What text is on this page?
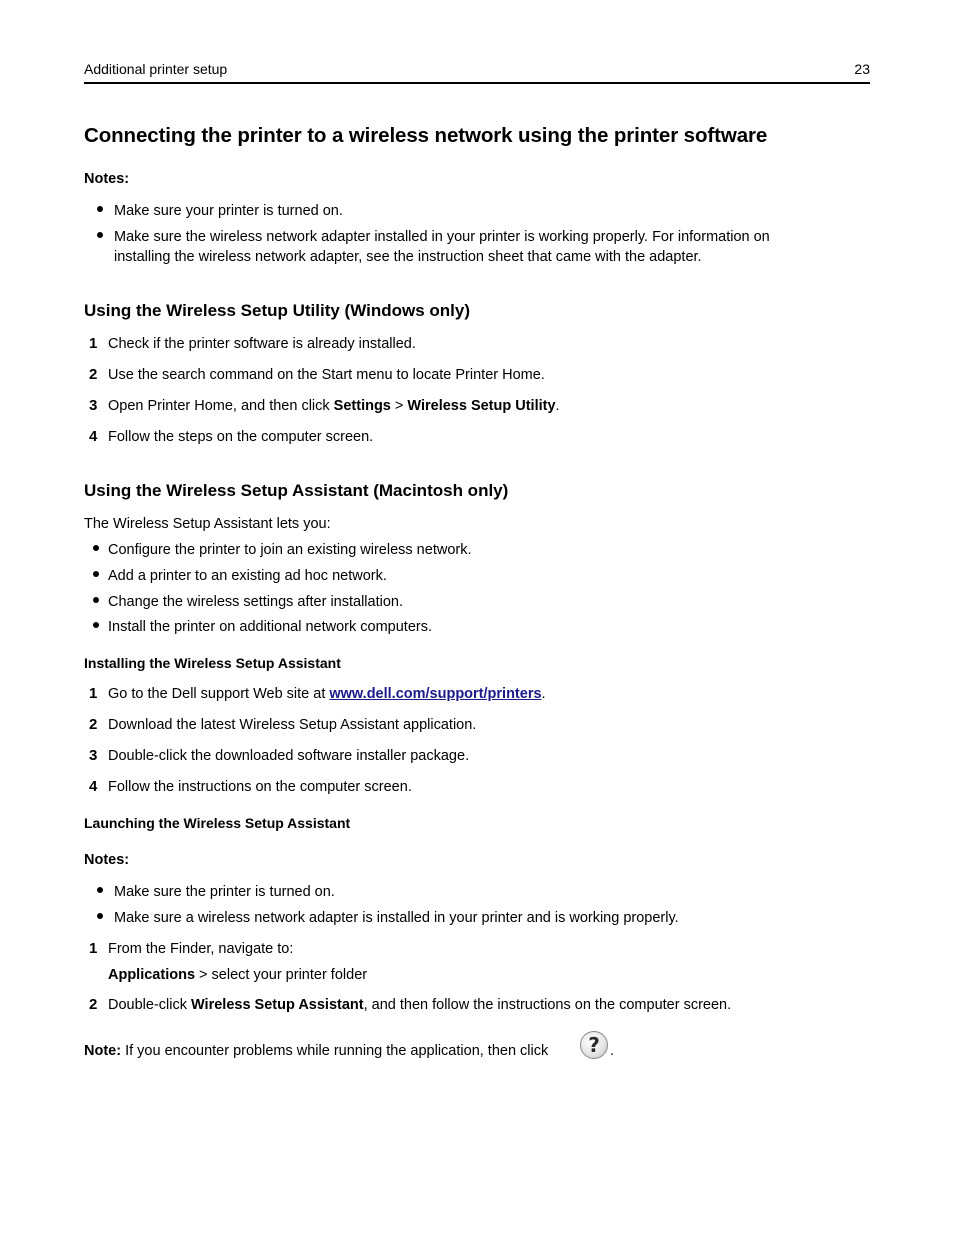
Additional printer setup	23
Connecting the printer to a wireless network using the printer software
Notes:
Make sure your printer is turned on.
Make sure the wireless network adapter installed in your printer is working properly. For information on
installing the wireless network adapter, see the instruction sheet that came with the adapter.
Using the Wireless Setup Utility (Windows only)
1 Check if the printer software is already installed.
2 Use the search command on the Start menu to locate Printer Home.
3 Open Printer Home, and then click Settings > Wireless Setup Utility.
4 Follow the steps on the computer screen.
Using the Wireless Setup Assistant (Macintosh only)
The Wireless Setup Assistant lets you:
Configure the printer to join an existing wireless network.
Add a printer to an existing ad hoc network.
Change the wireless settings after installation.
Install the printer on additional network computers.
Installing the Wireless Setup Assistant
1 Go to the Dell support Web site at www.dell.com/support/printers.
2 Download the latest Wireless Setup Assistant application.
3 Double-click the downloaded software installer package.
4 Follow the instructions on the computer screen.
Launching the Wireless Setup Assistant
Notes:
Make sure the printer is turned on.
Make sure a wireless network adapter is installed in your printer and is working properly.
1 From the Finder, navigate to:
Applications > select your printer folder
2 Double-click Wireless Setup Assistant, and then follow the instructions on the computer screen.
Note: If you encounter problems while running the application, then click	? .
